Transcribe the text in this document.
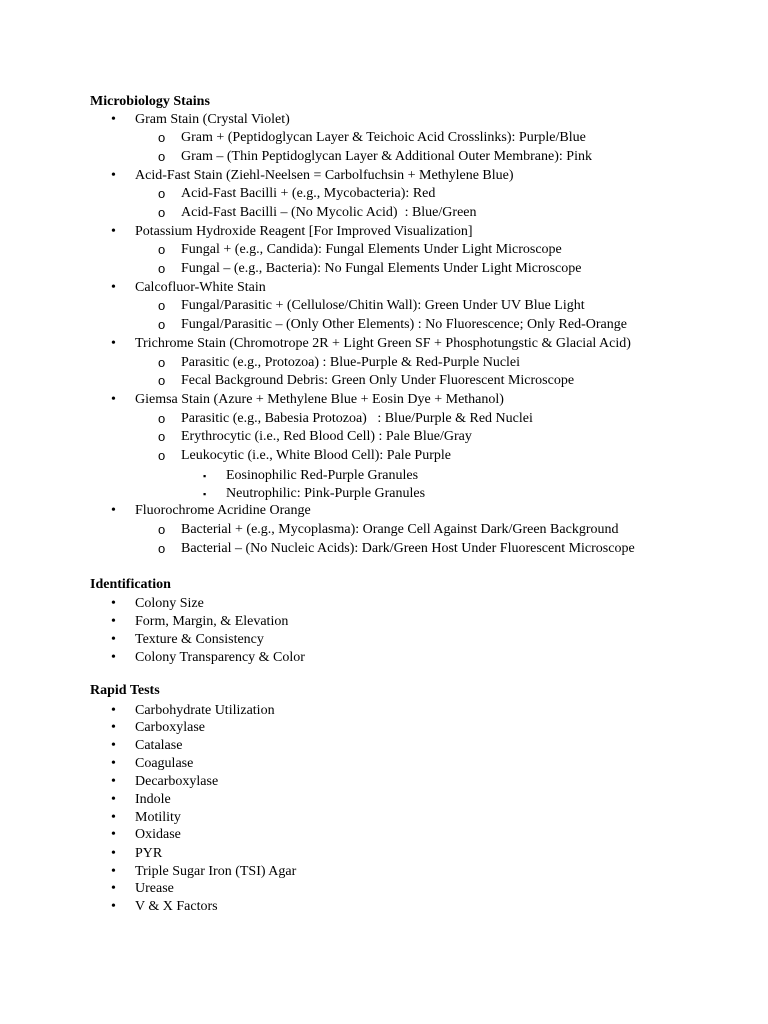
Microbiology Stains
Identification
Rapid Tests
• Gram Stain (Crystal Violet)
o Gram + (Peptidoglycan Layer & Teichoic Acid Crosslinks): Purple/Blue
o Gram – (Thin Peptidoglycan Layer & Additional Outer Membrane): Pink
• Acid-Fast Stain (Ziehl-Neelsen = Carbolfuchsin + Methylene Blue)
o Acid-Fast Bacilli + (e.g., Mycobacteria): Red
o Acid-Fast Bacilli – (No Mycolic Acid)  : Blue/Green
• Potassium Hydroxide Reagent [For Improved Visualization]
o Fungal + (e.g., Candida): Fungal Elements Under Light Microscope
o Fungal – (e.g., Bacteria): No Fungal Elements Under Light Microscope
• Calcofluor-White Stain
o Fungal/Parasitic + (Cellulose/Chitin Wall): Green Under UV Blue Light
o Fungal/Parasitic – (Only Other Elements) : No Fluorescence; Only Red-Orange
• Trichrome Stain (Chromotrope 2R + Light Green SF + Phosphotungstic & Glacial Acid)
o Parasitic (e.g., Protozoa) : Blue-Purple & Red-Purple Nuclei
o Fecal Background Debris: Green Only Under Fluorescent Microscope
• Giemsa Stain (Azure + Methylene Blue + Eosin Dye + Methanol)
o Parasitic (e.g., Babesia Protozoa)   : Blue/Purple & Red Nuclei
o Erythrocytic (i.e., Red Blood Cell) : Pale Blue/Gray
o Leukocytic (i.e., White Blood Cell): Pale Purple
▪ Eosinophilic Red-Purple Granules
▪ Neutrophilic: Pink-Purple Granules
• Fluorochrome Acridine Orange
o Bacterial + (e.g., Mycoplasma): Orange Cell Against Dark/Green Background
o Bacterial – (No Nucleic Acids): Dark/Green Host Under Fluorescent Microscope
• Colony Size
• Form, Margin, & Elevation
• Texture & Consistency
• Colony Transparency & Color
• Carbohydrate Utilization
• Carboxylase
• Catalase
• Coagulase
• Decarboxylase
• Indole
• Motility
• Oxidase
• PYR
• Triple Sugar Iron (TSI) Agar
• Urease
• V & X Factors
